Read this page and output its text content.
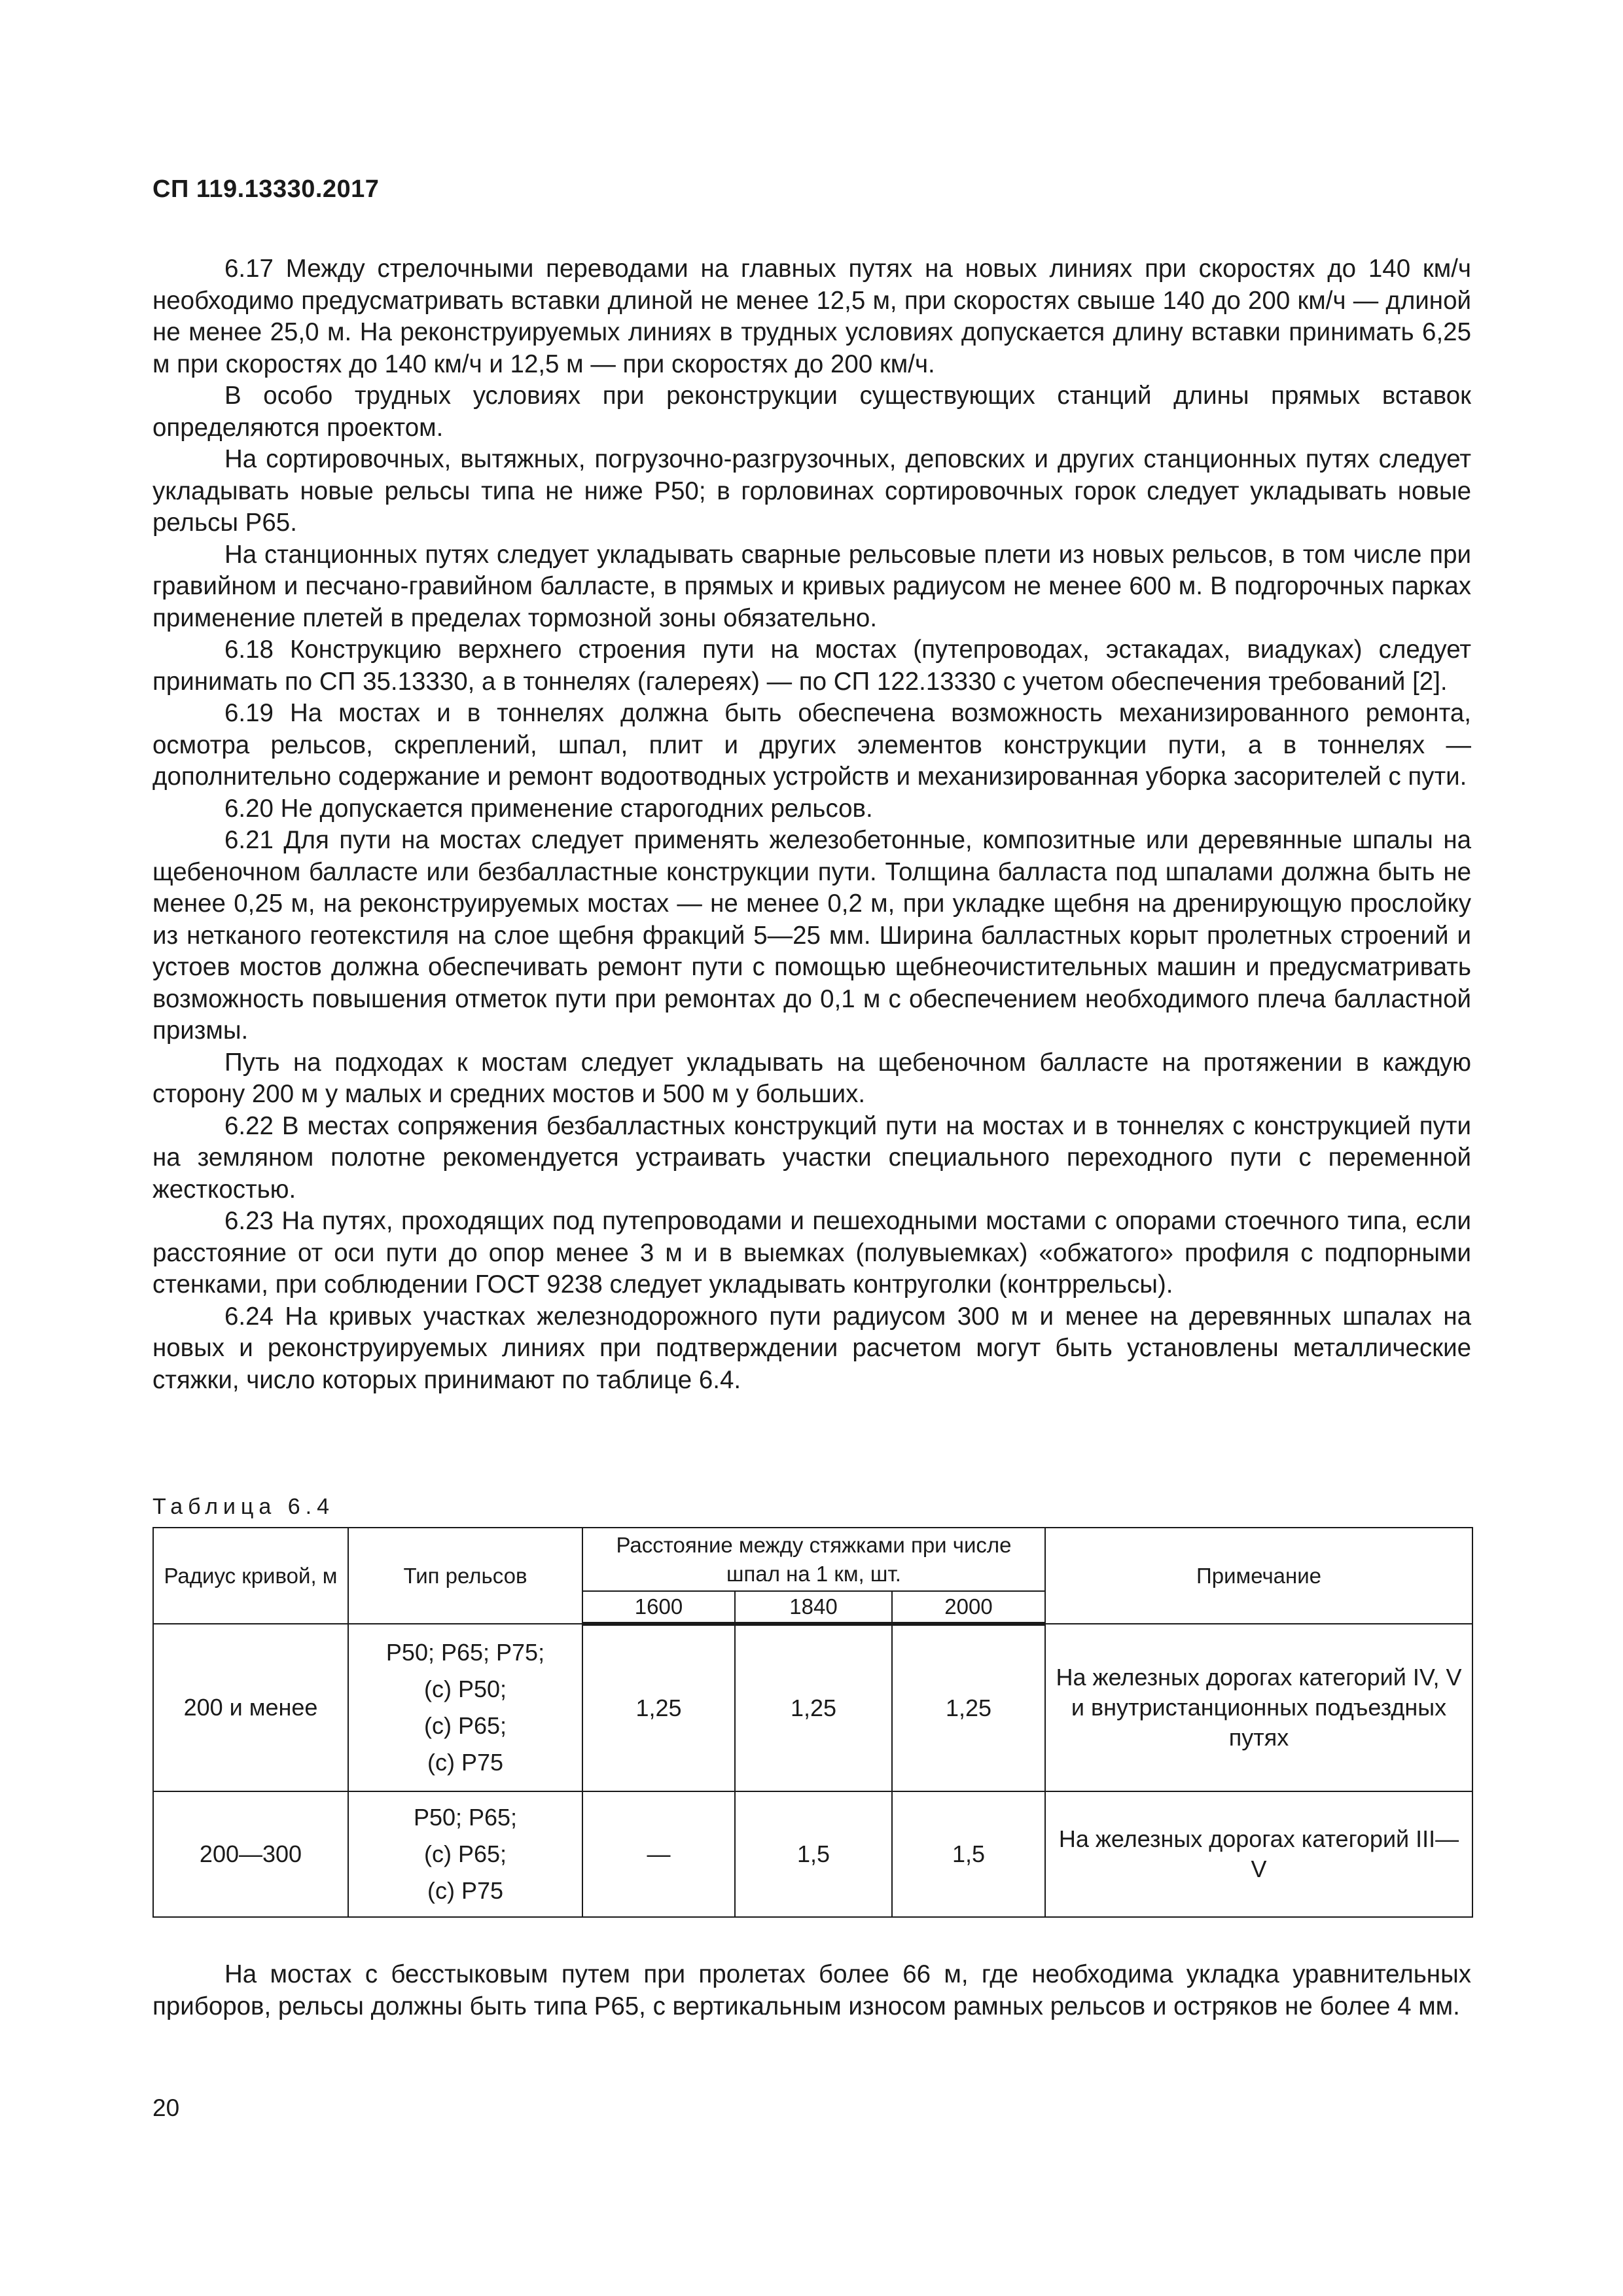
СП 119.13330.2017

6.17 Между стрелочными переводами на главных путях на новых линиях при скоростях до 140 км/ч необходимо предусматривать вставки длиной не менее 12,5 м, при скоростях свыше 140 до 200 км/ч — длиной не менее 25,0 м. На реконструируемых линиях в трудных условиях допускается длину вставки принимать 6,25 м при скоростях до 140 км/ч и 12,5 м — при скоростях до 200 км/ч.

В особо трудных условиях при реконструкции существующих станций длины прямых вставок определяются проектом.

На сортировочных, вытяжных, погрузочно-разгрузочных, деповских и других станционных путях следует укладывать новые рельсы типа не ниже Р50; в горловинах сортировочных горок следует укладывать новые рельсы Р65.

На станционных путях следует укладывать сварные рельсовые плети из новых рельсов, в том числе при гравийном и песчано-гравийном балласте, в прямых и кривых радиусом не менее 600 м. В подгорочных парках применение плетей в пределах тормозной зоны обязательно.

6.18 Конструкцию верхнего строения пути на мостах (путепроводах, эстакадах, виадуках) следует принимать по СП 35.13330, а в тоннелях (галереях) — по СП 122.13330 с учетом обеспечения требований [2].

6.19 На мостах и в тоннелях должна быть обеспечена возможность механизированного ремонта, осмотра рельсов, скреплений, шпал, плит и других элементов конструкции пути, а в тоннелях — дополнительно содержание и ремонт водоотводных устройств и механизированная уборка засорителей с пути.

6.20 Не допускается применение старогодних рельсов.

6.21 Для пути на мостах следует применять железобетонные, композитные или деревянные шпалы на щебеночном балласте или безбалластные конструкции пути. Толщина балласта под шпалами должна быть не менее 0,25 м, на реконструируемых мостах — не менее 0,2 м, при укладке щебня на дренирующую прослойку из нетканого геотекстиля на слое щебня фракций 5—25 мм. Ширина балластных корыт пролетных строений и устоев мостов должна обеспечивать ремонт пути с помощью щебнеочистительных машин и предусматривать возможность повышения отметок пути при ремонтах до 0,1 м с обеспечением необходимого плеча балластной призмы.

Путь на подходах к мостам следует укладывать на щебеночном балласте на протяжении в каждую сторону 200 м у малых и средних мостов и 500 м у больших.

6.22 В местах сопряжения безбалластных конструкций пути на мостах и в тоннелях с конструкцией пути на земляном полотне рекомендуется устраивать участки специального переходного пути с переменной жесткостью.

6.23 На путях, проходящих под путепроводами и пешеходными мостами с опорами стоечного типа, если расстояние от оси пути до опор менее 3 м и в выемках (полувыемках) «обжатого» профиля с подпорными стенками, при соблюдении ГОСТ 9238 следует укладывать контруголки (контррельсы).

6.24 На кривых участках железнодорожного пути радиусом 300 м и менее на деревянных шпалах на новых и реконструируемых линиях при подтверждении расчетом могут быть установлены металлические стяжки, число которых принимают по таблице 6.4.

Таблица 6.4
Радиус кривой, м	Тип рельсов	Расстояние между стяжками при числе шпал на 1 км, шт.			Примечание
		1600	1840	2000	
200 и менее	Р50; Р65; Р75;
(с) Р50;
(с) Р65;
(с) Р75	1,25	1,25	1,25	На железных дорогах категорий IV, V и внутристанционных подъездных путях
200—300	Р50; Р65;
(с) Р65;
(с) Р75	—	1,5	1,5	На железных дорогах категорий III—V

На мостах с бесстыковым путем при пролетах более 66 м, где необходима укладка уравнительных приборов, рельсы должны быть типа Р65, с вертикальным износом рамных рельсов и остряков не более 4 мм.

20
